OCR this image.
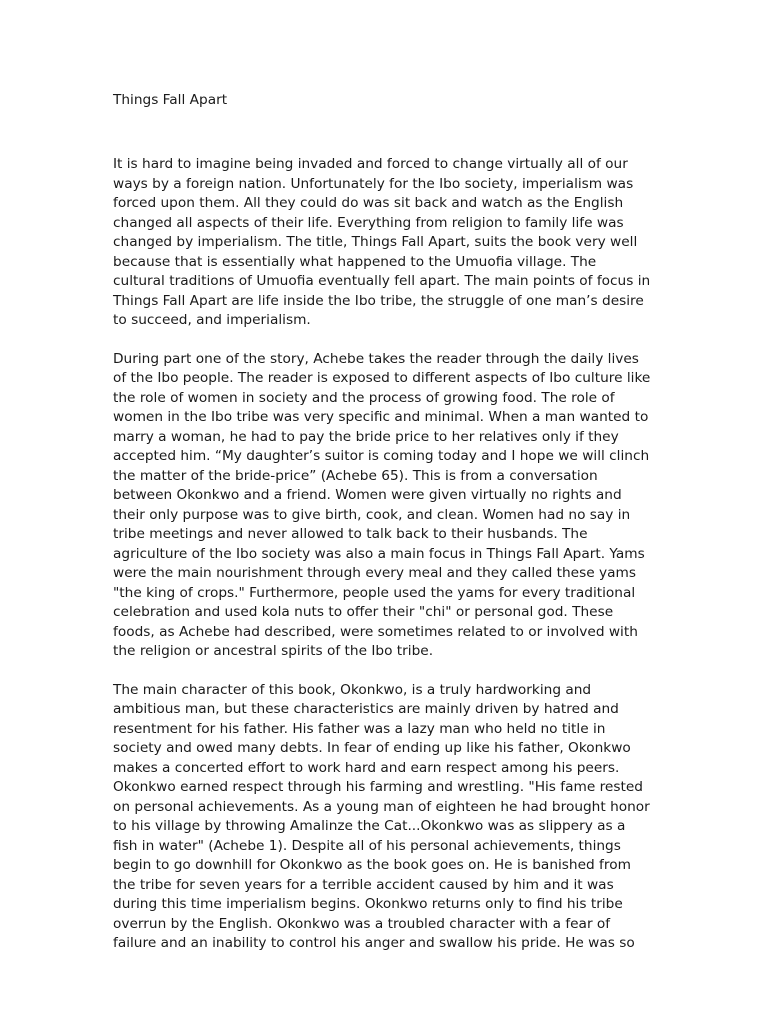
Things Fall Apart

It is hard to imagine being invaded and forced to change virtually all of our
ways by a foreign nation. Unfortunately for the Ibo society, imperialism was
forced upon them. All they could do was sit back and watch as the English
changed all aspects of their life. Everything from religion to family life was
changed by imperialism. The title, Things Fall Apart, suits the book very well
because that is essentially what happened to the Umuofia village. The
cultural traditions of Umuofia eventually fell apart. The main points of focus in
Things Fall Apart are life inside the Ibo tribe, the struggle of one man’s desire
to succeed, and imperialism.

During part one of the story, Achebe takes the reader through the daily lives
of the Ibo people. The reader is exposed to different aspects of Ibo culture like
the role of women in society and the process of growing food. The role of
women in the Ibo tribe was very specific and minimal. When a man wanted to
marry a woman, he had to pay the bride price to her relatives only if they
accepted him. “My daughter’s suitor is coming today and I hope we will clinch
the matter of the bride-price” (Achebe 65). This is from a conversation
between Okonkwo and a friend. Women were given virtually no rights and
their only purpose was to give birth, cook, and clean. Women had no say in
tribe meetings and never allowed to talk back to their husbands. The
agriculture of the Ibo society was also a main focus in Things Fall Apart. Yams
were the main nourishment through every meal and they called these yams
"the king of crops." Furthermore, people used the yams for every traditional
celebration and used kola nuts to offer their "chi" or personal god. These
foods, as Achebe had described, were sometimes related to or involved with
the religion or ancestral spirits of the Ibo tribe.

The main character of this book, Okonkwo, is a truly hardworking and
ambitious man, but these characteristics are mainly driven by hatred and
resentment for his father. His father was a lazy man who held no title in
society and owed many debts. In fear of ending up like his father, Okonkwo
makes a concerted effort to work hard and earn respect among his peers.
Okonkwo earned respect through his farming and wrestling. "His fame rested
on personal achievements. As a young man of eighteen he had brought honor
to his village by throwing Amalinze the Cat...Okonkwo was as slippery as a
fish in water" (Achebe 1). Despite all of his personal achievements, things
begin to go downhill for Okonkwo as the book goes on. He is banished from
the tribe for seven years for a terrible accident caused by him and it was
during this time imperialism begins. Okonkwo returns only to find his tribe
overrun by the English. Okonkwo was a troubled character with a fear of
failure and an inability to control his anger and swallow his pride. He was so
